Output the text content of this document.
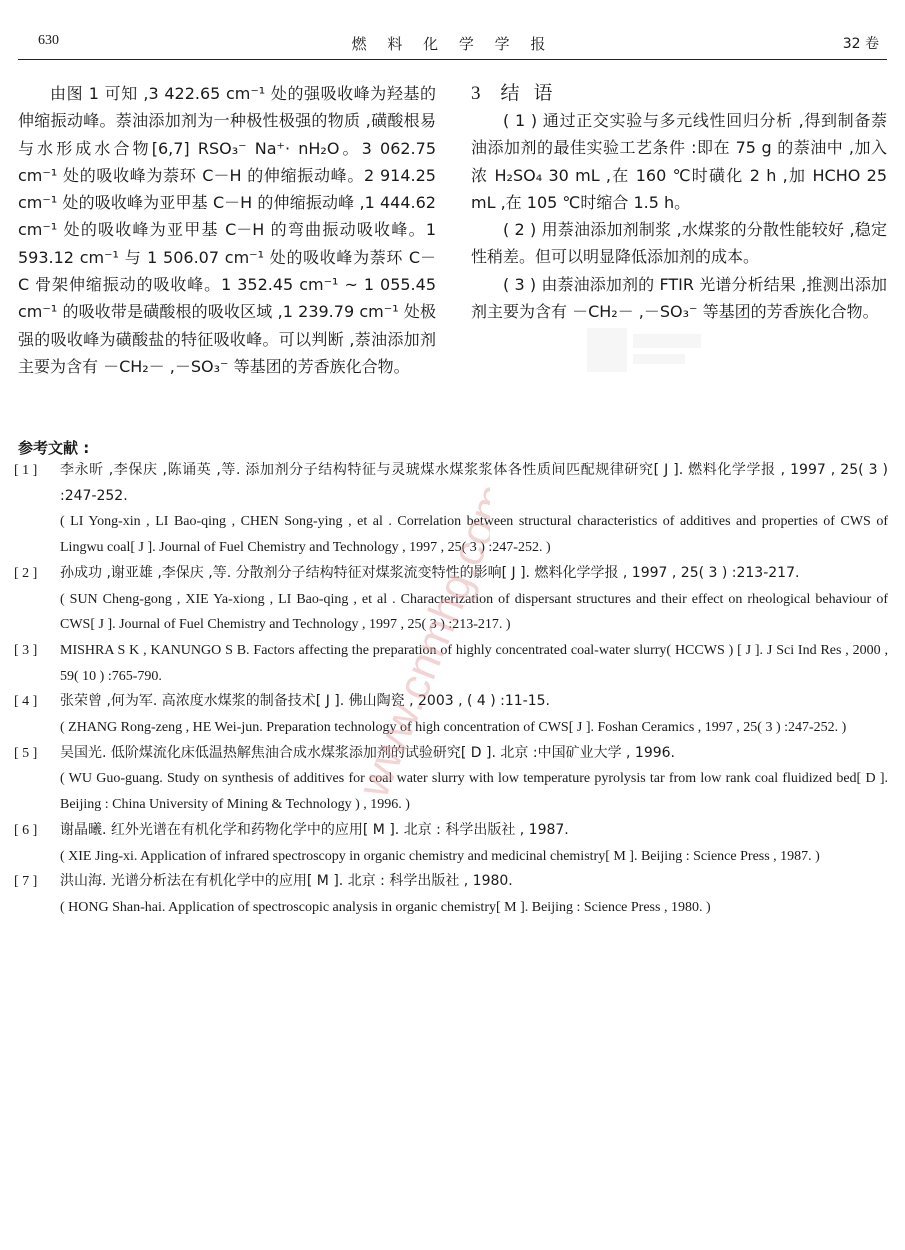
630	燃 料 化 学 学 报	32 卷

由图 1 可知 ,3 422.65 cm⁻¹ 处的强吸收峰为羟基的伸缩振动峰。萘油添加剂为一种极性极强的物质 ,磺酸根易与水形成水合物[6,7] RSO₃⁻ Na⁺· nH₂O。3 062.75 cm⁻¹ 处的吸收峰为萘环 C－H 的伸缩振动峰。2 914.25 cm⁻¹ 处的吸收峰为亚甲基 C－H 的伸缩振动峰 ,1 444.62 cm⁻¹ 处的吸收峰为亚甲基 C－H 的弯曲振动吸收峰。1 593.12 cm⁻¹ 与 1 506.07 cm⁻¹ 处的吸收峰为萘环 C－C 骨架伸缩振动的吸收峰。1 352.45 cm⁻¹ ~ 1 055.45 cm⁻¹ 的吸收带是磺酸根的吸收区域 ,1 239.79 cm⁻¹ 处极强的吸收峰为磺酸盐的特征吸收峰。可以判断 ,萘油添加剂主要为含有 －CH₂－ ,－SO₃⁻ 等基团的芳香族化合物。

3 结 语

( 1 ) 通过正交实验与多元线性回归分析 ,得到制备萘油添加剂的最佳实验工艺条件 :即在 75 g 的萘油中 ,加入浓 H₂SO₄ 30 mL ,在 160 ℃时磺化 2 h ,加 HCHO 25 mL ,在 105 ℃时缩合 1.5 h。

( 2 ) 用萘油添加剂制浆 ,水煤浆的分散性能较好 ,稳定性稍差。但可以明显降低添加剂的成本。

( 3 ) 由萘油添加剂的 FTIR 光谱分析结果 ,推测出添加剂主要为含有 －CH₂－ ,－SO₃⁻ 等基团的芳香族化合物。

参考文献 :
[ 1 ] 李永昕 ,李保庆 ,陈诵英 ,等. 添加剂分子结构特征与灵琥煤水煤浆浆体各性质间匹配规律研究[ J ]. 燃料化学学报 , 1997 , 25( 3 ) :247-252.
( LI Yong-xin , LI Bao-qing , CHEN Song-ying , et al . Correlation between structural characteristics of additives and properties of CWS of Lingwu coal[ J ]. Journal of Fuel Chemistry and Technology , 1997 , 25( 3 ) :247-252. )
[ 2 ] 孙成功 ,谢亚雄 ,李保庆 ,等. 分散剂分子结构特征对煤浆流变特性的影响[ J ]. 燃料化学学报 , 1997 , 25( 3 ) :213-217.
( SUN Cheng-gong , XIE Ya-xiong , LI Bao-qing , et al . Characterization of dispersant structures and their effect on rheological behaviour of CWS[ J ]. Journal of Fuel Chemistry and Technology , 1997 , 25( 3 ) :213-217. )
[ 3 ] MISHRA S K , KANUNGO S B. Factors affecting the preparation of highly concentrated coal-water slurry( HCCWS ) [ J ]. J Sci Ind Res , 2000 , 59( 10 ) :765-790.
[ 4 ] 张荣曾 ,何为军. 高浓度水煤浆的制备技术[ J ]. 佛山陶瓷 , 2003 , ( 4 ) :11-15.
( ZHANG Rong-zeng , HE Wei-jun. Preparation technology of high concentration of CWS[ J ]. Foshan Ceramics , 1997 , 25( 3 ) :247-252. )
[ 5 ] 吴国光. 低阶煤流化床低温热解焦油合成水煤浆添加剂的试验研究[ D ]. 北京 :中国矿业大学 , 1996.
( WU Guo-guang. Study on synthesis of additives for coal water slurry with low temperature pyrolysis tar from low rank coal fluidized bed[ D ]. Beijing : China University of Mining & Technology ) , 1996. )
[ 6 ] 谢晶曦. 红外光谱在有机化学和药物化学中的应用[ M ]. 北京 : 科学出版社 , 1987.
( XIE Jing-xi. Application of infrared spectroscopy in organic chemistry and medicinal chemistry[ M ]. Beijing : Science Press , 1987. )
[ 7 ] 洪山海. 光谱分析法在有机化学中的应用[ M ]. 北京 : 科学出版社 , 1980.
( HONG Shan-hai. Application of spectroscopic analysis in organic chemistry[ M ]. Beijing : Science Press , 1980. )
www.cnmhg.com
